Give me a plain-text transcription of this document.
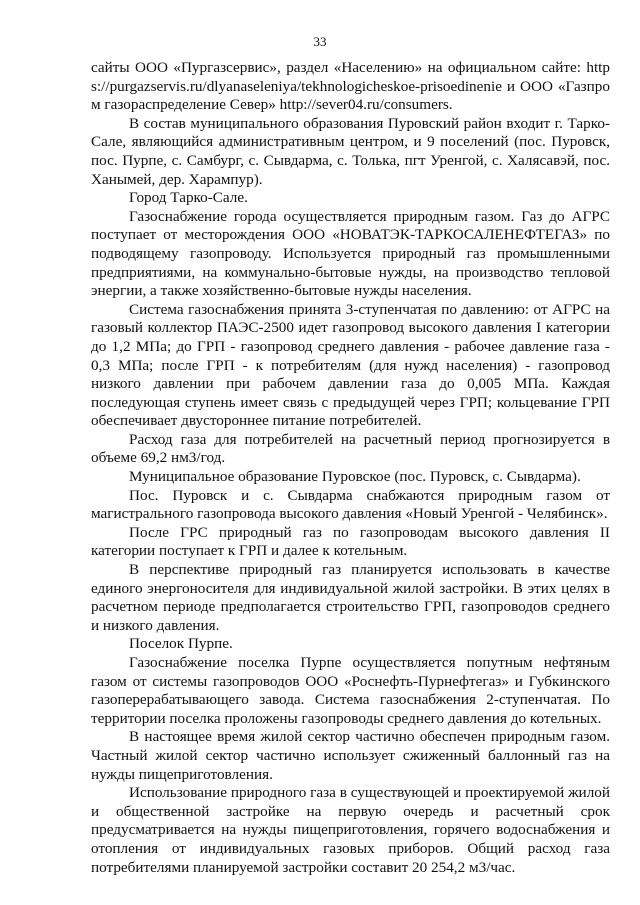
33

сайты ООО «Пургазсервис», раздел «Населению» на официальном сайте: https://purgazservis.ru/dlyanaseleniya/tekhnologicheskoe-prisoedinenie и ООО «Газпром газораспределение Север» http://sever04.ru/consumers.

В состав муниципального образования Пуровский район входит г. Тарко-Сале, являющийся административным центром, и 9 поселений (пос. Пуровск, пос. Пурпе, с. Самбург, с. Сывдарма, с. Толька, пгт Уренгой, с. Халясавэй, пос. Ханымей, дер. Харампур).

Город Тарко-Сале.

Газоснабжение города осуществляется природным газом. Газ до АГРС поступает от месторождения ООО «НОВАТЭК-ТАРКОСАЛЕНЕФТЕГАЗ» по подводящему газопроводу. Используется природный газ промышленными предприятиями, на коммунально-бытовые нужды, на производство тепловой энергии, а также хозяйственно-бытовые нужды населения.

Система газоснабжения принята 3-ступенчатая по давлению: от АГРС на газовый коллектор ПАЭС-2500 идет газопровод высокого давления I категории до 1,2 МПа; до ГРП - газопровод среднего давления - рабочее давление газа - 0,3 МПа; после ГРП - к потребителям (для нужд населения) - газопровод низкого давлении при рабочем давлении газа до 0,005 МПа. Каждая последующая ступень имеет связь с предыдущей через ГРП; кольцевание ГРП обеспечивает двустороннее питание потребителей.

Расход газа для потребителей на расчетный период прогнозируется в объеме 69,2 нм3/год.

Муниципальное образование Пуровское (пос. Пуровск, с. Сывдарма).

Пос. Пуровск и с. Сывдарма снабжаются природным газом от магистрального газопровода высокого давления «Новый Уренгой - Челябинск».

После ГРС природный газ по газопроводам высокого давления II категории поступает к ГРП и далее к котельным.

В перспективе природный газ планируется использовать в качестве единого энергоносителя для индивидуальной жилой застройки. В этих целях в расчетном периоде предполагается строительство ГРП, газопроводов среднего и низкого давления.

Поселок Пурпе.

Газоснабжение поселка Пурпе осуществляется попутным нефтяным газом от системы газопроводов ООО «Роснефть-Пурнефтегаз» и Губкинского газоперерабатывающего завода. Система газоснабжения 2-ступенчатая. По территории поселка проложены газопроводы среднего давления до котельных.

В настоящее время жилой сектор частично обеспечен природным газом. Частный жилой сектор частично использует сжиженный баллонный газ на нужды пищеприготовления.

Использование природного газа в существующей и проектируемой жилой и общественной застройке на первую очередь и расчетный срок предусматривается на нужды пищеприготовления, горячего водоснабжения и отопления от индивидуальных газовых приборов. Общий расход газа потребителями планируемой застройки составит 20 254,2 м3/час.
